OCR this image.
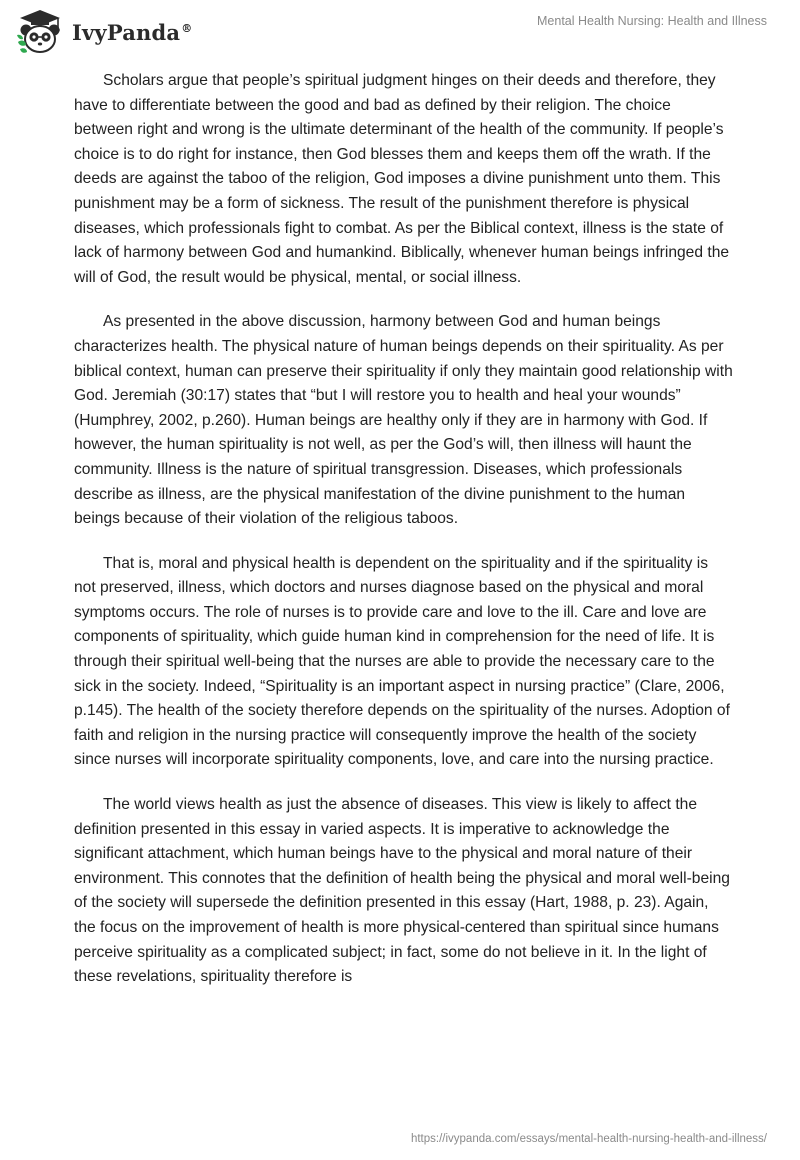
IvyPanda®	Mental Health Nursing: Health and Illness

Scholars argue that people’s spiritual judgment hinges on their deeds and therefore, they have to differentiate between the good and bad as defined by their religion. The choice between right and wrong is the ultimate determinant of the health of the community. If people’s choice is to do right for instance, then God blesses them and keeps them off the wrath. If the deeds are against the taboo of the religion, God imposes a divine punishment unto them. This punishment may be a form of sickness. The result of the punishment therefore is physical diseases, which professionals fight to combat. As per the Biblical context, illness is the state of lack of harmony between God and humankind. Biblically, whenever human beings infringed the will of God, the result would be physical, mental, or social illness.

As presented in the above discussion, harmony between God and human beings characterizes health. The physical nature of human beings depends on their spirituality. As per biblical context, human can preserve their spirituality if only they maintain good relationship with God. Jeremiah (30:17) states that “but I will restore you to health and heal your wounds” (Humphrey, 2002, p.260). Human beings are healthy only if they are in harmony with God. If however, the human spirituality is not well, as per the God’s will, then illness will haunt the community. Illness is the nature of spiritual transgression. Diseases, which professionals describe as illness, are the physical manifestation of the divine punishment to the human beings because of their violation of the religious taboos.

That is, moral and physical health is dependent on the spirituality and if the spirituality is not preserved, illness, which doctors and nurses diagnose based on the physical and moral symptoms occurs. The role of nurses is to provide care and love to the ill. Care and love are components of spirituality, which guide human kind in comprehension for the need of life. It is through their spiritual well-being that the nurses are able to provide the necessary care to the sick in the society. Indeed, “Spirituality is an important aspect in nursing practice” (Clare, 2006, p.145). The health of the society therefore depends on the spirituality of the nurses. Adoption of faith and religion in the nursing practice will consequently improve the health of the society since nurses will incorporate spirituality components, love, and care into the nursing practice.

The world views health as just the absence of diseases. This view is likely to affect the definition presented in this essay in varied aspects. It is imperative to acknowledge the significant attachment, which human beings have to the physical and moral nature of their environment. This connotes that the definition of health being the physical and moral well-being of the society will supersede the definition presented in this essay (Hart, 1988, p. 23). Again, the focus on the improvement of health is more physical-centered than spiritual since humans perceive spirituality as a complicated subject; in fact, some do not believe in it. In the light of these revelations, spirituality therefore is

https://ivypanda.com/essays/mental-health-nursing-health-and-illness/
